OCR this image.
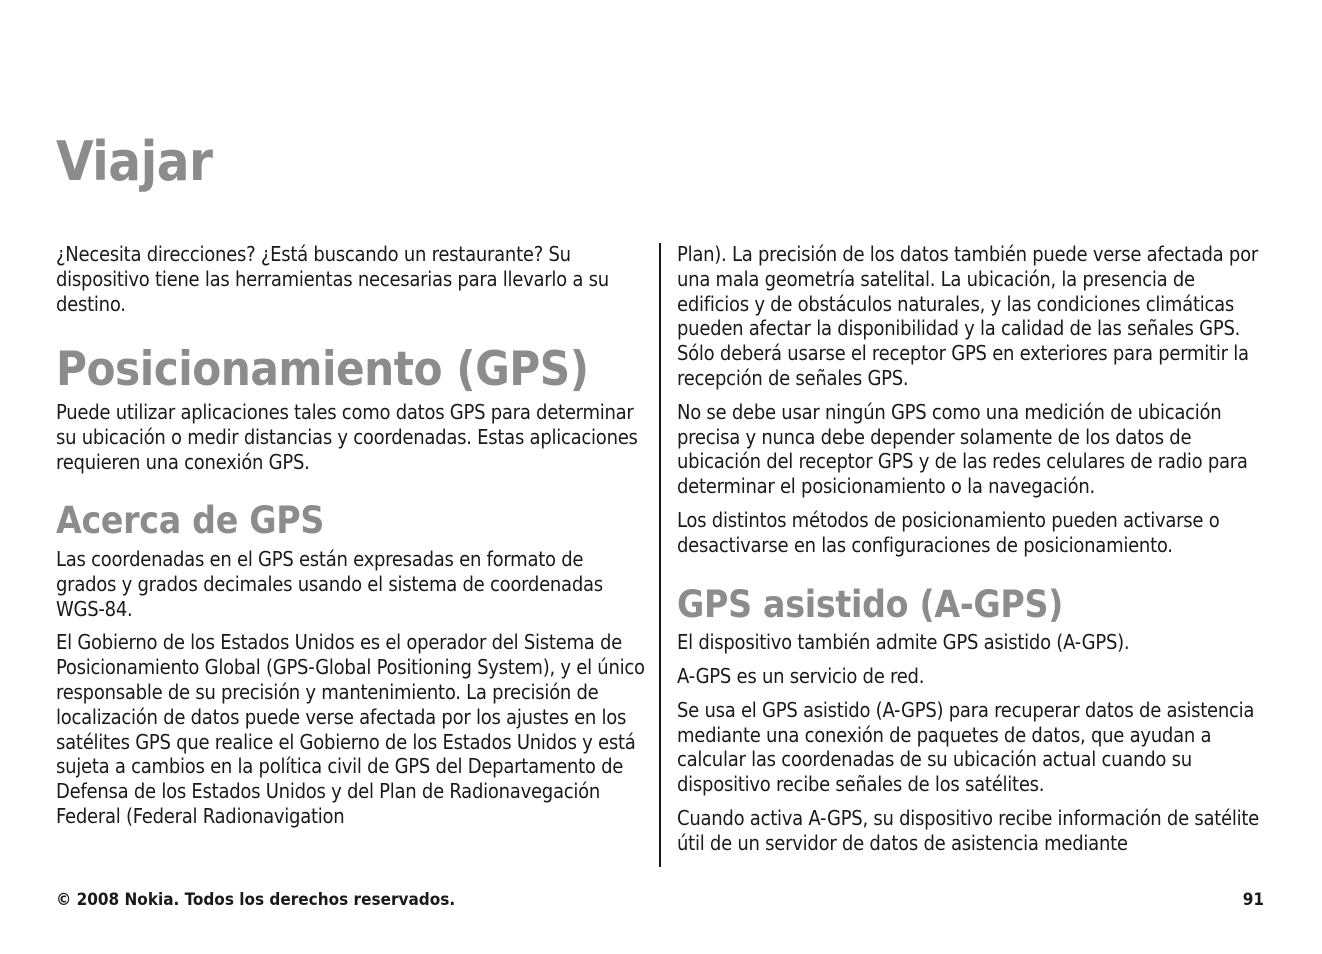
Viajar

¿Necesita direcciones? ¿Está buscando un restaurante? Su dispositivo tiene las herramientas necesarias para llevarlo a su destino.

Posicionamiento (GPS)

Puede utilizar aplicaciones tales como datos GPS para determinar su ubicación o medir distancias y coordenadas. Estas aplicaciones requieren una conexión GPS.

Acerca de GPS

Las coordenadas en el GPS están expresadas en formato de grados y grados decimales usando el sistema de coordenadas WGS-84.

El Gobierno de los Estados Unidos es el operador del Sistema de Posicionamiento Global (GPS-Global Positioning System), y el único responsable de su precisión y mantenimiento. La precisión de localización de datos puede verse afectada por los ajustes en los satélites GPS que realice el Gobierno de los Estados Unidos y está sujeta a cambios en la política civil de GPS del Departamento de Defensa de los Estados Unidos y del Plan de Radionavegación Federal (Federal Radionavigation

Plan). La precisión de los datos también puede verse afectada por una mala geometría satelital. La ubicación, la presencia de edificios y de obstáculos naturales, y las condiciones climáticas pueden afectar la disponibilidad y la calidad de las señales GPS. Sólo deberá usarse el receptor GPS en exteriores para permitir la recepción de señales GPS.

No se debe usar ningún GPS como una medición de ubicación precisa y nunca debe depender solamente de los datos de ubicación del receptor GPS y de las redes celulares de radio para determinar el posicionamiento o la navegación.

Los distintos métodos de posicionamiento pueden activarse o desactivarse en las configuraciones de posicionamiento.

GPS asistido (A-GPS)

El dispositivo también admite GPS asistido (A-GPS).

A-GPS es un servicio de red.

Se usa el GPS asistido (A-GPS) para recuperar datos de asistencia mediante una conexión de paquetes de datos, que ayudan a calcular las coordenadas de su ubicación actual cuando su dispositivo recibe señales de los satélites.

Cuando activa A-GPS, su dispositivo recibe información de satélite útil de un servidor de datos de asistencia mediante

© 2008 Nokia. Todos los derechos reservados.	91
